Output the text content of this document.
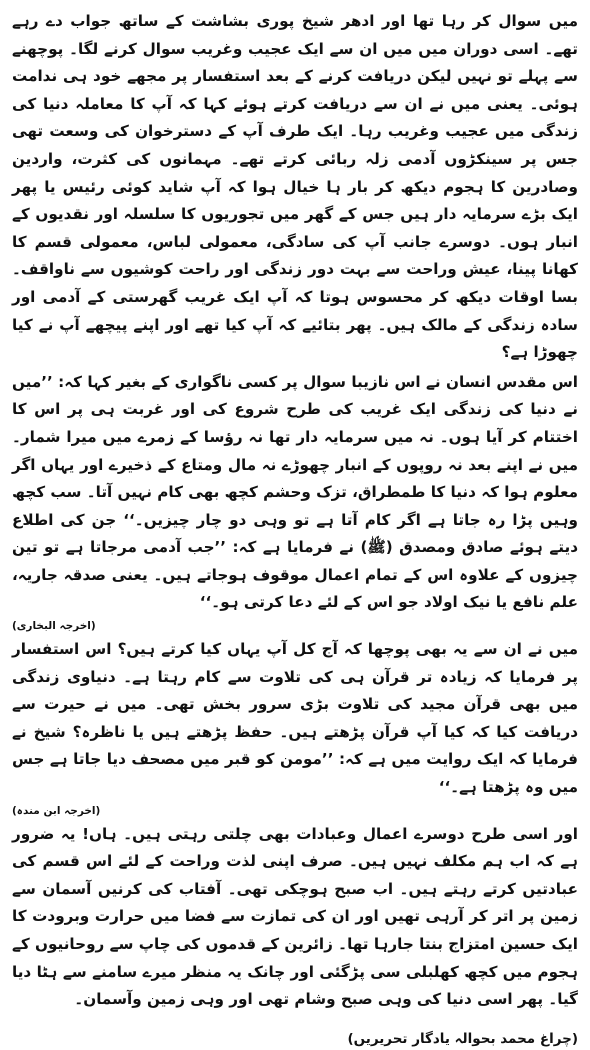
میں سوال کر رہا تھا اور ادھر شیخ پوری بشاشت کے ساتھ جواب دے رہے تھے۔ اسی دوران میں میں ان سے ایک عجیب وغریب سوال کرنے لگا۔ پوچھنے سے پہلے تو نہیں لیکن دریافت کرنے کے بعد استفسار پر مجھے خود ہی ندامت ہوئی۔ یعنی میں نے ان سے دریافت کرتے ہوئے کہا کہ آپ کا معاملہ دنیا کی زندگی میں عجیب وغریب رہا۔ ایک طرف آپ کے دسترخوان کی وسعت تھی جس پر سینکڑوں آدمی زلہ ربائی کرتے تھے۔ مہمانوں کی کثرت، واردین وصادرین کا ہجوم دیکھ کر بار ہا خیال ہوا کہ آپ شاید کوئی رئیس یا پھر ایک بڑے سرمایہ دار ہیں جس کے گھر میں تجوریوں کا سلسلہ اور نقدیوں کے انبار ہوں۔ دوسرے جانب آپ کی سادگی، معمولی لباس، معمولی قسم کا کھانا پینا، عیش وراحت سے بہت دور زندگی اور راحت کوشیوں سے ناواقف۔ بسا اوقات دیکھ کر محسوس ہوتا کہ آپ ایک غریب گھرستی کے آدمی اور سادہ زندگی کے مالک ہیں۔ پھر بتائیے کہ آپ کیا تھے اور اپنے پیچھے آپ نے کیا چھوڑا ہے؟

اس مقدس انسان نے اس نازیبا سوال پر کسی ناگواری کے بغیر کہا کہ: ’’میں نے دنیا کی زندگی ایک غریب کی طرح شروع کی اور غربت ہی پر اس کا اختتام کر آیا ہوں۔ نہ میں سرمایہ دار تھا نہ رؤسا کے زمرے میں میرا شمار۔ میں نے اپنے بعد نہ روپوں کے انبار چھوڑے نہ مال ومتاع کے ذخیرے اور یہاں اگر معلوم ہوا کہ دنیا کا طمطراق، تزک وحشم کچھ بھی کام نہیں آتا۔ سب کچھ وہیں پڑا رہ جاتا ہے اگر کام آتا ہے تو وہی دو چار چیزیں۔‘‘ جن کی اطلاع دیتے ہوئے صادق ومصدق (ﷺ) نے فرمایا ہے کہ: ’’جب آدمی مرجاتا ہے تو تین چیزوں کے علاوہ اس کے تمام اعمال موقوف ہوجاتے ہیں۔ یعنی صدقہ جاریہ، علم نافع یا نیک اولاد جو اس کے لئے دعا کرتی ہو۔‘‘

(اخرجہ البخاری)

میں نے ان سے یہ بھی پوچھا کہ آج کل آپ یہاں کیا کرتے ہیں؟ اس استفسار پر فرمایا کہ زیادہ تر قرآن ہی کی تلاوت سے کام رہتا ہے۔ دنیاوی زندگی میں بھی قرآن مجید کی تلاوت بڑی سرور بخش تھی۔ میں نے حیرت سے دریافت کیا کہ کیا آپ قرآن پڑھتے ہیں۔ حفظ پڑھتے ہیں یا ناظرہ؟ شیخ نے فرمایا کہ ایک روایت میں ہے کہ: ’’مومن کو قبر میں مصحف دیا جاتا ہے جس میں وہ پڑھتا ہے۔‘‘

(اخرجہ ابن مندہ)

اور اسی طرح دوسرے اعمال وعبادات بھی چلتی رہتی ہیں۔ ہاں! یہ ضرور ہے کہ اب ہم مکلف نہیں ہیں۔ صرف اپنی لذت وراحت کے لئے اس قسم کی عبادتیں کرتے رہتے ہیں۔ اب صبح ہوچکی تھی۔ آفتاب کی کرنیں آسمان سے زمین پر اتر کر آرہی تھیں اور ان کی تمازت سے فضا میں حرارت وبرودت کا ایک حسین امتزاج بنتا جارہا تھا۔ زائرین کے قدموں کی چاپ سے روحانیوں کے ہجوم میں کچھ کھلبلی سی پڑگئی اور چانک یہ منظر میرے سامنے سے ہٹا دیا گیا۔ پھر اسی دنیا کی وہی صبح وشام تھی اور وہی زمین وآسمان۔

(چراغ محمد بحوالہ یادگار تحریریں)
